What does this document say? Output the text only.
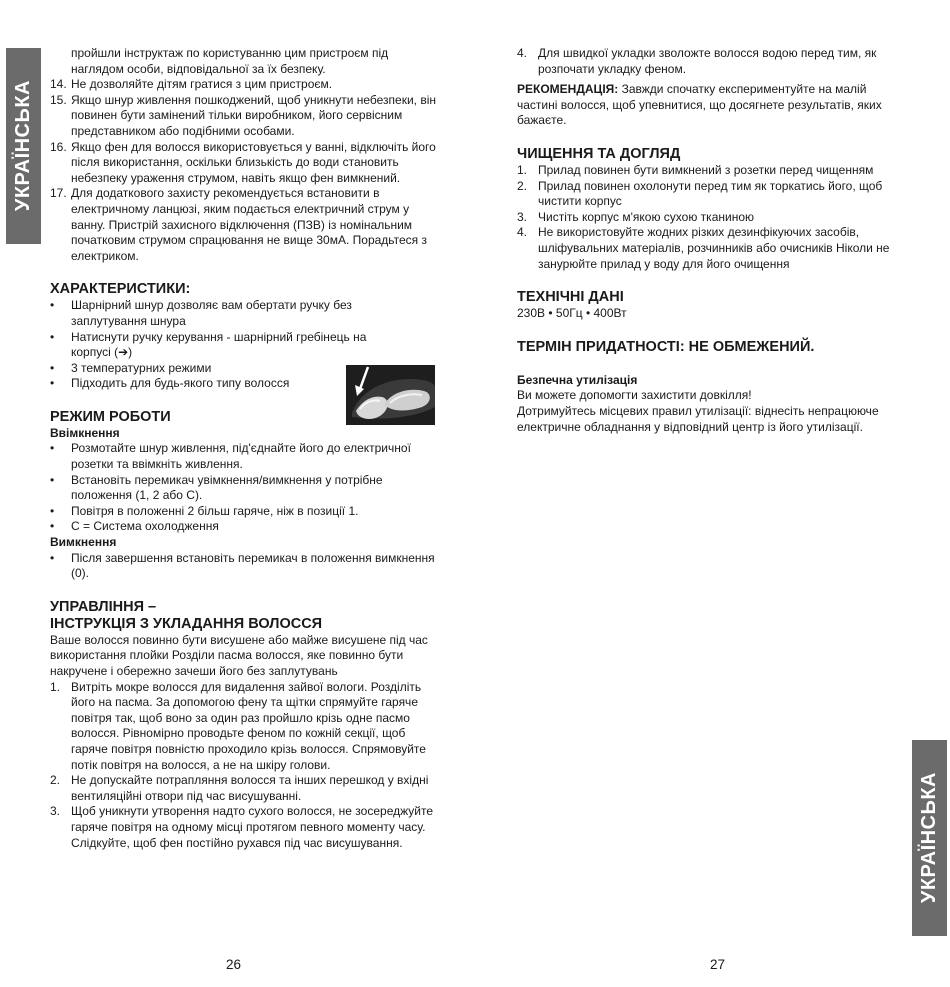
УКРАЇНСЬКА
УКРАЇНСЬКА
пройшли інструктаж по користуванню цим пристроєм під наглядом особи, відповідальної за їх безпеку.
14. Не дозволяйте дітям гратися з цим пристроєм.
15. Якщо шнур живлення пошкоджений, щоб уникнути небезпеки, він повинен бути замінений тільки виробником, його сервісним представником або подібними особами.
16. Якщо фен для волосся використовується у ванні, відключіть його після використання, оскільки близькість до води становить небезпеку ураження струмом, навіть якщо фен вимкнений.
17. Для додаткового захисту рекомендується встановити в електричному ланцюзі, яким подається електричний струм у ванну. Пристрій захисного відключення (ПЗВ) із номінальним початковим струмом спрацювання не вище 30мА. Порадьтеся з електриком.
ХАРАКТЕРИСТИКИ:
• Шарнірний шнур дозволяє вам обертати ручку без заплутування шнура
• Натиснути ручку керування - шарнірний гребінець на корпусі (➔)
• 3 температурних режими
• Підходить для будь-якого типу волосся
РЕЖИМ РОБОТИ
Ввімкнення
• Розмотайте шнур живлення, під'єднайте його до електричної розетки та ввімкніть живлення.
• Встановіть перемикач увімкнення/вимкнення у потрібне положення (1, 2 або С).
• Повітря в положенні 2 більш гаряче, ніж в позиції 1.
• С = Система охолодження
Вимкнення
• Після завершення встановіть перемикач в положення вимкнення (0).
УПРАВЛІННЯ –
ІНСТРУКЦІЯ З УКЛАДАННЯ ВОЛОССЯ
Ваше волосся повинно бути висушене або майже висушене під час використання плойки Розділи пасма волосся, яке повинно бути накручене і обережно зачеши його без заплутувань
1. Витріть мокре волосся для видалення зайвої вологи. Розділіть його на пасма. За допомогою фену та щітки спрямуйте гаряче повітря так, щоб воно за один раз пройшло крізь одне пасмо волосся. Рівномірно проводьте феном по кожній секції, щоб гаряче повітря повністю проходило крізь волосся. Спрямовуйте потік повітря на волосся, а не на шкіру голови.
2. Не допускайте потрапляння волосся та інших перешкод у вхідні вентиляційні отвори під час висушуванні.
3. Щоб уникнути утворення надто сухого волосся, не зосереджуйте гаряче повітря на одному місці протягом певного моменту часу. Слідкуйте, щоб фен постійно рухався під час висушування.
26
4. Для швидкої укладки зволожте волосся водою перед тим, як розпочати укладку феном.
РЕКОМЕНДАЦІЯ: Завжди спочатку експериментуйте на малій частині волосся, щоб упевнитися, що досягнете результатів, яких бажаєте.
ЧИЩЕННЯ ТА ДОГЛЯД
1. Прилад повинен бути вимкнений з розетки перед чищенням
2. Прилад повинен охолонути перед тим як торкатись його, щоб чистити корпус
3. Чистіть корпус м'якою сухою тканиною
4. Не використовуйте жодних різких дезинфікуючих засобів, шліфувальних матеріалів, розчинників або очисників Ніколи не занурюйте прилад у воду для його очищення
ТЕХНІЧНІ ДАНІ
230В • 50Гц • 400Вт
ТЕРМІН ПРИДАТНОСТІ: НЕ ОБМЕЖЕНИЙ.
Безпечна утилізація
Ви можете допомогти захистити довкілля!
Дотримуйтесь місцевих правил утилізації: віднесіть непрацююче електричне обладнання у відповідний центр із його утилізації.
27
